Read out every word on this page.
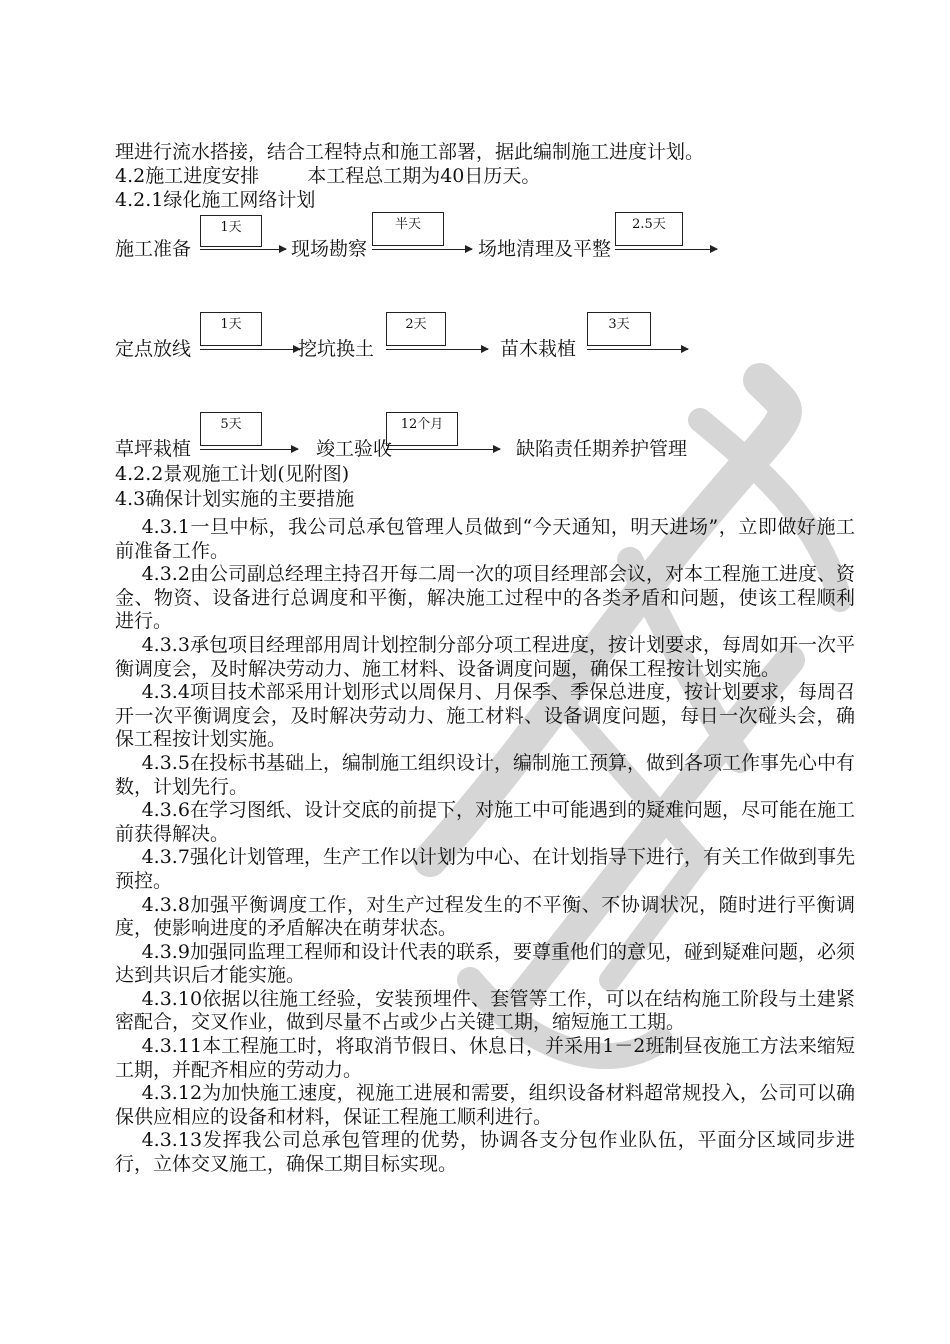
理进行流水搭接，结合工程特点和施工部署，据此编制施工进度计划。
4.2施工进度安排	本工程总工期为40日历天。
4.2.1绿化施工网络计划
1天
施工准备
半天
现场勘察
2.5天
场地清理及平整
1天
定点放线
2天
挖坑换土
3天
苗木栽植
5天
草坪栽植
12个月
竣工验收	缺陷责任期养护管理
4.2.2景观施工计划(见附图)
4.3确保计划实施的主要措施

4.3.1一旦中标，我公司总承包管理人员做到“今天通知，明天进场”，立即做好施工前准备工作。

4.3.2由公司副总经理主持召开每二周一次的项目经理部会议，对本工程施工进度、资金、物资、设备进行总调度和平衡，解决施工过程中的各类矛盾和问题，使该工程顺利进行。

4.3.3承包项目经理部用周计划控制分部分项工程进度，按计划要求，每周如开一次平衡调度会，及时解决劳动力、施工材料、设备调度问题，确保工程按计划实施。

4.3.4项目技术部采用计划形式以周保月、月保季、季保总进度，按计划要求，每周召开一次平衡调度会，及时解决劳动力、施工材料、设备调度问题，每日一次碰头会，确保工程按计划实施。

4.3.5在投标书基础上，编制施工组织设计，编制施工预算，做到各项工作事先心中有数，计划先行。

4.3.6在学习图纸、设计交底的前提下，对施工中可能遇到的疑难问题，尽可能在施工前获得解决。

4.3.7强化计划管理，生产工作以计划为中心、在计划指导下进行，有关工作做到事先预控。

4.3.8加强平衡调度工作，对生产过程发生的不平衡、不协调状况，随时进行平衡调度，使影响进度的矛盾解决在萌芽状态。

4.3.9加强同监理工程师和设计代表的联系，要尊重他们的意见，碰到疑难问题，必须达到共识后才能实施。

4.3.10依据以往施工经验，安装预埋件、套管等工作，可以在结构施工阶段与土建紧密配合，交叉作业，做到尽量不占或少占关键工期，缩短施工工期。

4.3.11本工程施工时，将取消节假日、休息日，并采用1－2班制昼夜施工方法来缩短工期，并配齐相应的劳动力。

4.3.12为加快施工速度，视施工进展和需要，组织设备材料超常规投入，公司可以确保供应相应的设备和材料，保证工程施工顺利进行。

4.3.13发挥我公司总承包管理的优势，协调各支分包作业队伍，平面分区域同步进行，立体交叉施工，确保工期目标实现。
